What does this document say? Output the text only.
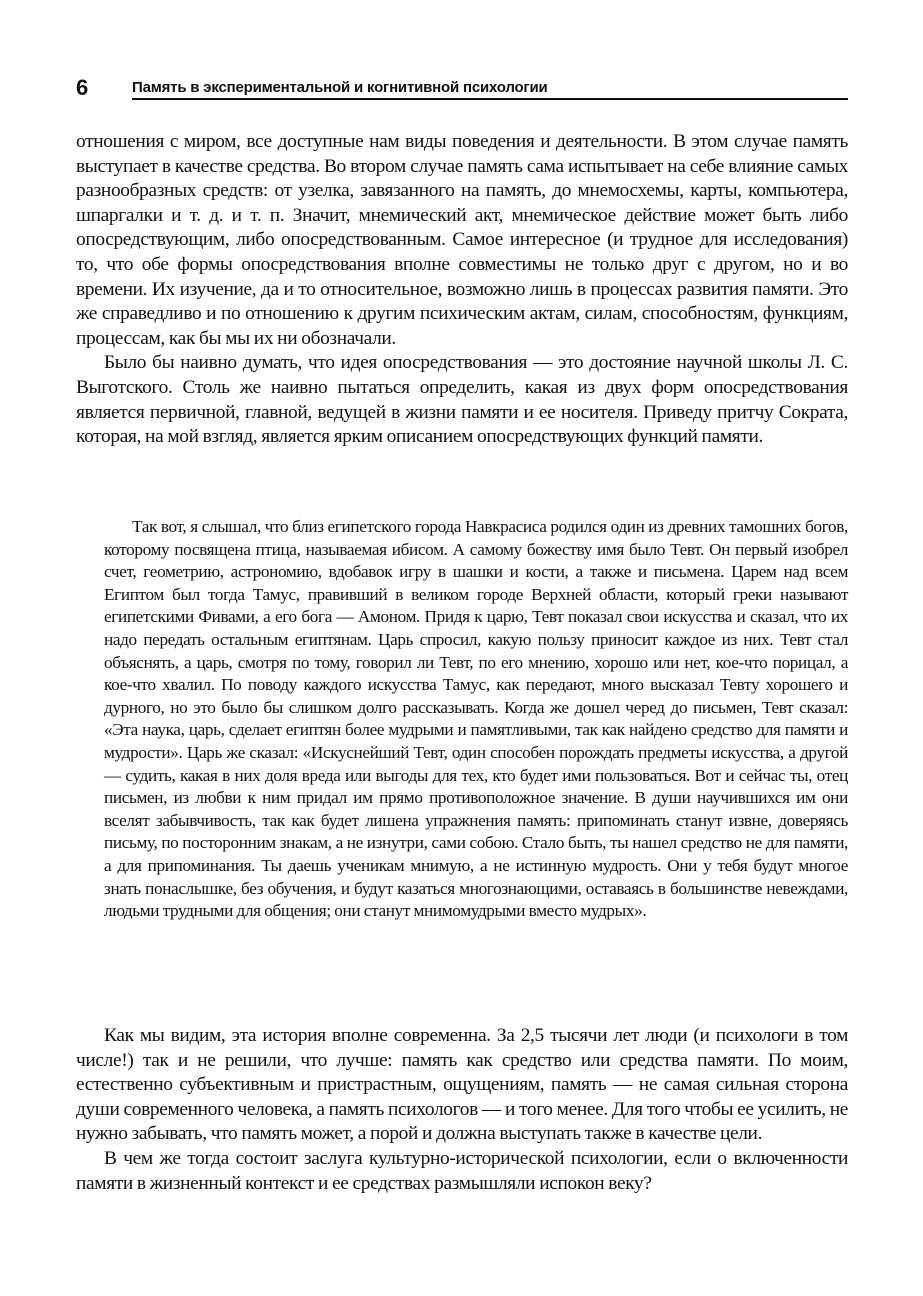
6	Память в экспериментальной и когнитивной психологии

отношения с миром, все доступные нам виды поведения и деятельности. В этом случае память выступает в качестве средства. Во втором случае память сама испытывает на себе влияние самых разнообразных средств: от узелка, завязанного на память, до мнемосхемы, карты, компьютера, шпаргалки и т. д. и т. п. Значит, мнемический акт, мнемическое действие может быть либо опосредствующим, либо опосредствованным. Самое интересное (и трудное для исследования) то, что обе формы опосредствования вполне совместимы не только друг с другом, но и во времени. Их изучение, да и то относительное, возможно лишь в процессах развития памяти. Это же справедливо и по отношению к другим психическим актам, силам, способностям, функциям, процессам, как бы мы их ни обозначали.

Было бы наивно думать, что идея опосредствования — это достояние научной школы Л. С. Выготского. Столь же наивно пытаться определить, какая из двух форм опосредствования является первичной, главной, ведущей в жизни памяти и ее носителя. Приведу притчу Сократа, которая, на мой взгляд, является ярким описанием опосредствующих функций памяти.

Так вот, я слышал, что близ египетского города Навкрасиса родился один из древних тамошних богов, которому посвящена птица, называемая ибисом. А самому божеству имя было Тевт. Он первый изобрел счет, геометрию, астрономию, вдобавок игру в шашки и кости, а также и письмена. Царем над всем Египтом был тогда Тамус, правивший в великом городе Верхней области, который греки называют египетскими Фивами, а его бога — Амоном. Придя к царю, Тевт показал свои искусства и сказал, что их надо передать остальным египтянам. Царь спросил, какую пользу приносит каждое из них. Тевт стал объяснять, а царь, смотря по тому, говорил ли Тевт, по его мнению, хорошо или нет, кое-что порицал, а кое-что хвалил. По поводу каждого искусства Тамус, как передают, много высказал Тевту хорошего и дурного, но это было бы слишком долго рассказывать. Когда же дошел черед до письмен, Тевт сказал: «Эта наука, царь, сделает египтян более мудрыми и памятливыми, так как найдено средство для памяти и мудрости». Царь же сказал: «Искуснейший Тевт, один способен порождать предметы искусства, а другой — судить, какая в них доля вреда или выгоды для тех, кто будет ими пользоваться. Вот и сейчас ты, отец письмен, из любви к ним придал им прямо противоположное значение. В души научившихся им они вселят забывчивость, так как будет лишена упражнения память: припоминать станут извне, доверяясь письму, по посторонним знакам, а не изнутри, сами собою. Стало быть, ты нашел средство не для памяти, а для припоминания. Ты даешь ученикам мнимую, а не истинную мудрость. Они у тебя будут многое знать понаслышке, без обучения, и будут казаться многознающими, оставаясь в большинстве невеждами, людьми трудными для общения; они станут мнимомудрыми вместо мудрых».

Как мы видим, эта история вполне современна. За 2,5 тысячи лет люди (и психологи в том числе!) так и не решили, что лучше: память как средство или средства памяти. По моим, естественно субъективным и пристрастным, ощущениям, память — не самая сильная сторона души современного человека, а память психологов — и того менее. Для того чтобы ее усилить, не нужно забывать, что память может, а порой и должна выступать также в качестве цели.

В чем же тогда состоит заслуга культурно-исторической психологии, если о включенности памяти в жизненный контекст и ее средствах размышляли испокон веку?
